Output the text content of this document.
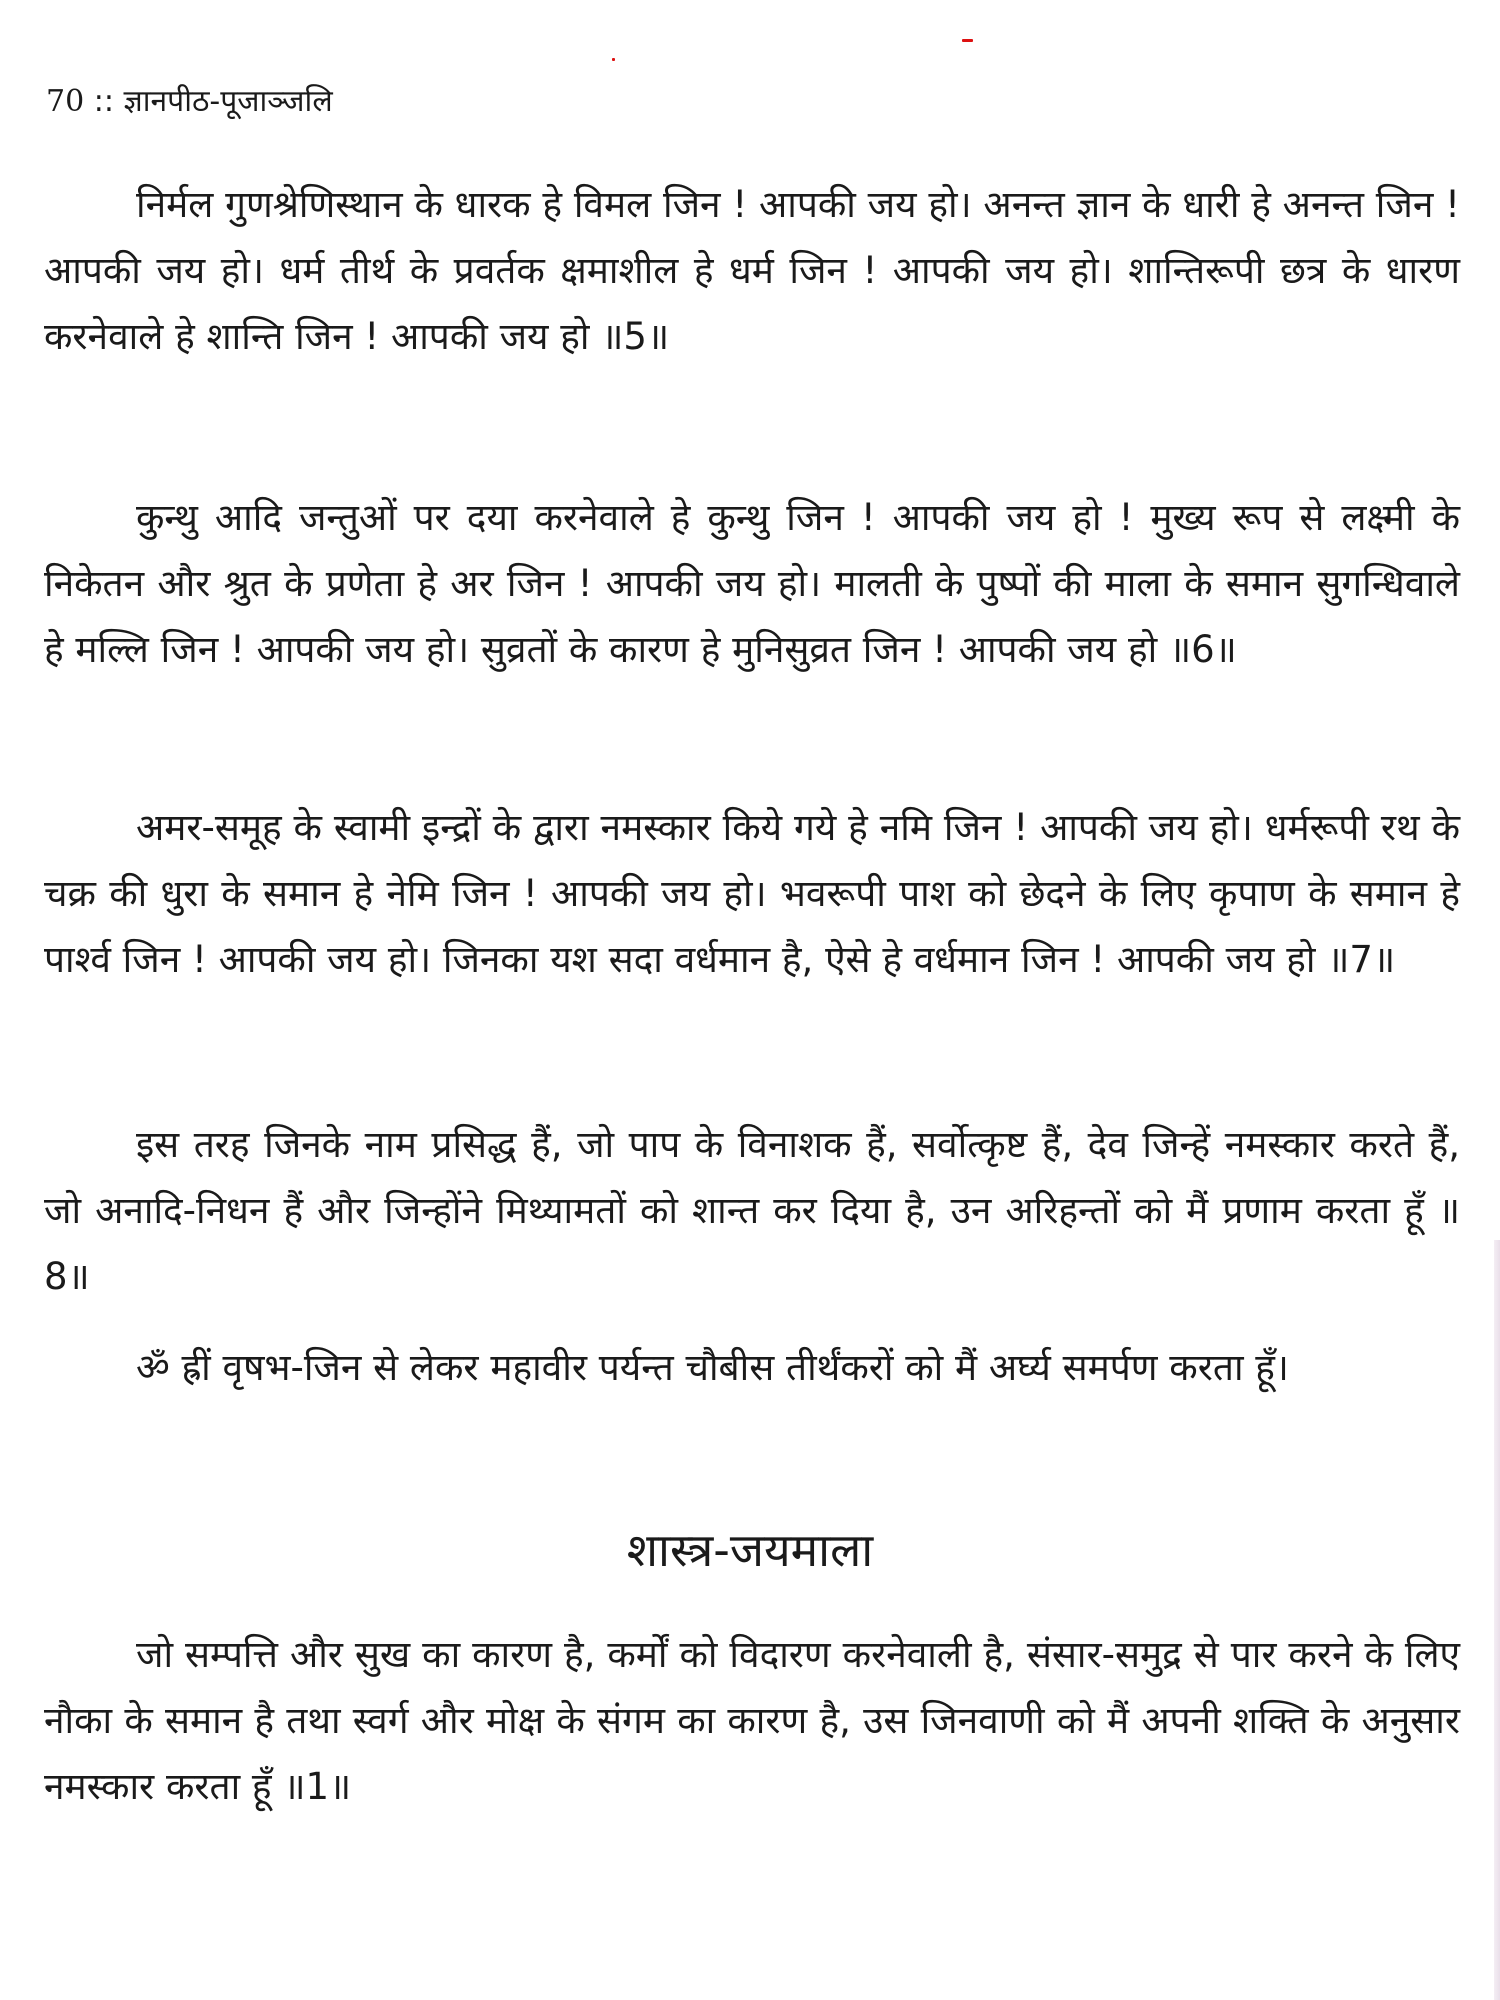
70 :: ज्ञानपीठ-पूजाञ्जलि

निर्मल गुणश्रेणिस्थान के धारक हे विमल जिन ! आपकी जय हो। अनन्त ज्ञान के धारी हे अनन्त जिन ! आपकी जय हो। धर्म तीर्थ के प्रवर्तक क्षमाशील हे धर्म जिन ! आपकी जय हो। शान्तिरूपी छत्र के धारण करनेवाले हे शान्ति जिन ! आपकी जय हो ॥5॥

कुन्थु आदि जन्तुओं पर दया करनेवाले हे कुन्थु जिन ! आपकी जय हो ! मुख्य रूप से लक्ष्मी के निकेतन और श्रुत के प्रणेता हे अर जिन ! आपकी जय हो। मालती के पुष्पों की माला के समान सुगन्धिवाले हे मल्लि जिन ! आपकी जय हो। सुव्रतों के कारण हे मुनिसुव्रत जिन ! आपकी जय हो ॥6॥

अमर-समूह के स्वामी इन्द्रों के द्वारा नमस्कार किये गये हे नमि जिन ! आपकी जय हो। धर्मरूपी रथ के चक्र की धुरा के समान हे नेमि जिन ! आपकी जय हो। भवरूपी पाश को छेदने के लिए कृपाण के समान हे पार्श्व जिन ! आपकी जय हो। जिनका यश सदा वर्धमान है, ऐसे हे वर्धमान जिन ! आपकी जय हो ॥7॥

इस तरह जिनके नाम प्रसिद्ध हैं, जो पाप के विनाशक हैं, सर्वोत्कृष्ट हैं, देव जिन्हें नमस्कार करते हैं, जो अनादि-निधन हैं और जिन्होंने मिथ्यामतों को शान्त कर दिया है, उन अरिहन्तों को मैं प्रणाम करता हूँ ॥8॥

ॐ ह्रीं वृषभ-जिन से लेकर महावीर पर्यन्त चौबीस तीर्थंकरों को मैं अर्घ्य समर्पण करता हूँ।

शास्त्र-जयमाला

जो सम्पत्ति और सुख का कारण है, कर्मों को विदारण करनेवाली है, संसार-समुद्र से पार करने के लिए नौका के समान है तथा स्वर्ग और मोक्ष के संगम का कारण है, उस जिनवाणी को मैं अपनी शक्ति के अनुसार नमस्कार करता हूँ ॥1॥
